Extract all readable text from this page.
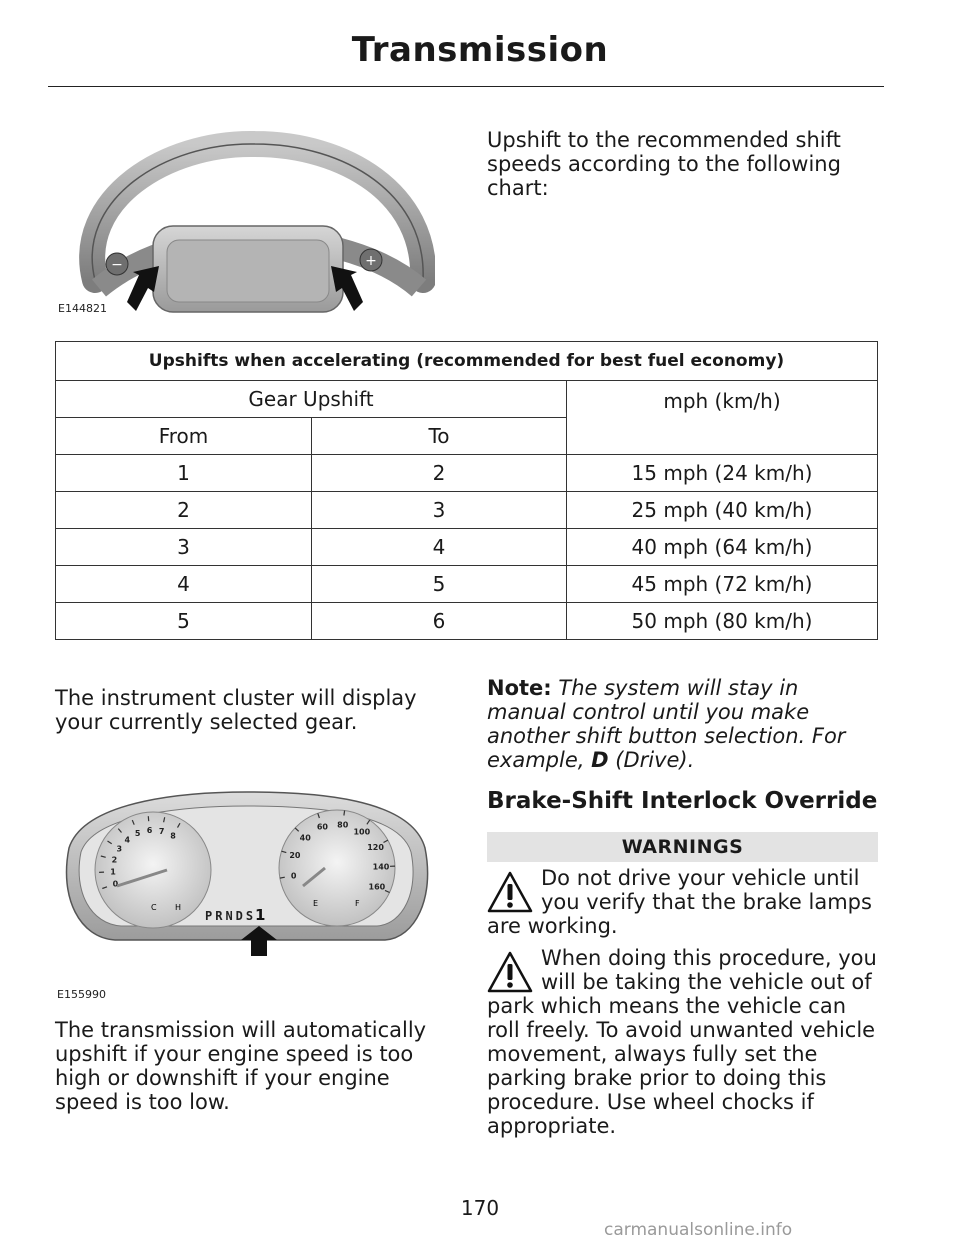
Transmission
−	+
E144821
Upshift to the recommended shift speeds according to the following chart:
Upshifts when accelerating (recommended for best fuel economy)		
Gear Upshift		mph (km/h)
From	To	
1	2	15 mph (24 km/h)
2	3	25 mph (40 km/h)
3	4	40 mph (64 km/h)
4	5	45 mph (72 km/h)
5	6	50 mph (80 km/h)
The instrument cluster will display your currently selected gear.
0
1
2
3
4
5 6 7 8
0
20
40
60 80
100
120
140
160
C H	E	F
PRNDS
1
E155990
The transmission will automatically upshift if your engine speed is too high or downshift if your engine speed is too low.
Note: The system will stay in manual control until you make another shift button selection. For example, D (Drive).
Brake-Shift Interlock Override
WARNINGS
Do not drive your vehicle until you verify that the brake lamps are working.
When doing this procedure, you will be taking the vehicle out of park which means the vehicle can roll freely. To avoid unwanted vehicle movement, always fully set the parking brake prior to doing this procedure. Use wheel chocks if appropriate.
170
carmanualsonline.info
